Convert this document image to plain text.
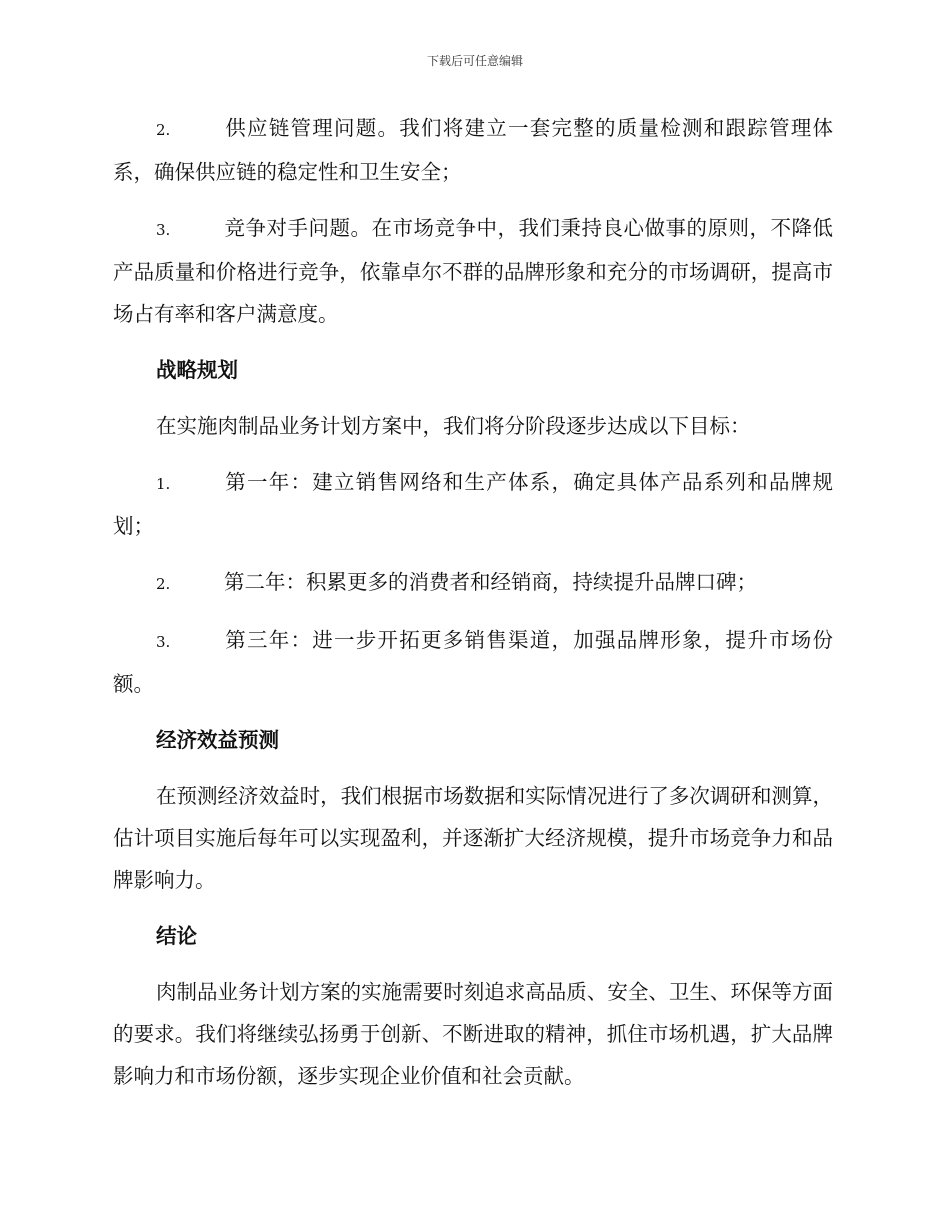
下载后可任意编辑

2.	供应链管理问题。我们将建立一套完整的质量检测和跟踪管理体系，确保供应链的稳定性和卫生安全；

3.	竞争对手问题。在市场竞争中，我们秉持良心做事的原则，不降低产品质量和价格进行竞争，依靠卓尔不群的品牌形象和充分的市场调研，提高市场占有率和客户满意度。

战略规划

在实施肉制品业务计划方案中，我们将分阶段逐步达成以下目标：

1.	第一年：建立销售网络和生产体系，确定具体产品系列和品牌规划；

2.	第二年：积累更多的消费者和经销商，持续提升品牌口碑；

3.	第三年：进一步开拓更多销售渠道，加强品牌形象，提升市场份额。

经济效益预测

在预测经济效益时，我们根据市场数据和实际情况进行了多次调研和测算，估计项目实施后每年可以实现盈利，并逐渐扩大经济规模，提升市场竞争力和品牌影响力。

结论

肉制品业务计划方案的实施需要时刻追求高品质、安全、卫生、环保等方面的要求。我们将继续弘扬勇于创新、不断进取的精神，抓住市场机遇，扩大品牌影响力和市场份额，逐步实现企业价值和社会贡献。
